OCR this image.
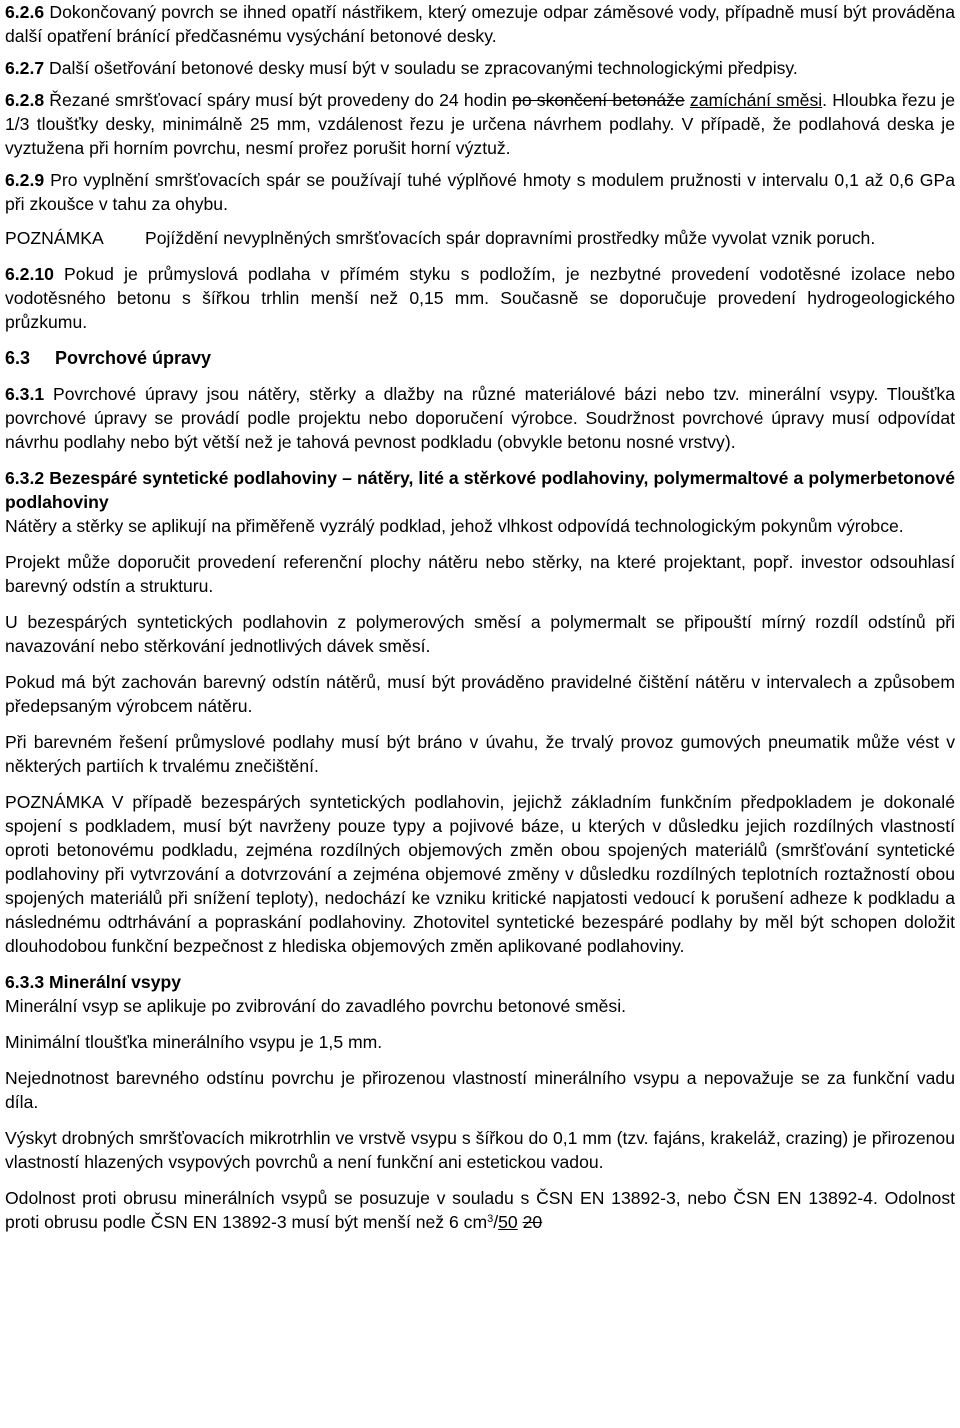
6.2.6 Dokončovaný povrch se ihned opatří nástřikem, který omezuje odpar záměsové vody, případně musí být prováděna další opatření bránící předčasnému vysýchání betonové desky.

6.2.7 Další ošetřování betonové desky musí být v souladu se zpracovanými technologickými předpisy.

6.2.8 Řezané smršťovací spáry musí být provedeny do 24 hodin po skončení betonáže zamíchání směsi. Hloubka řezu je 1/3 tloušťky desky, minimálně 25 mm, vzdálenost řezu je určena návrhem podlahy. V případě, že podlahová deska je vyztužena při horním povrchu, nesmí prořez porušit horní výztuž.

6.2.9 Pro vyplnění smršťovacích spár se používají tuhé výplňové hmoty s modulem pružnosti v intervalu 0,1 až 0,6 GPa při zkoušce v tahu za ohybu.

POZNÁMKA Pojíždění nevyplněných smršťovacích spár dopravními prostředky může vyvolat vznik poruch.

6.2.10 Pokud je průmyslová podlaha v přímém styku s podložím, je nezbytné provedení vodotěsné izolace nebo vodotěsného betonu s šířkou trhlin menší než 0,15 mm. Současně se doporučuje provedení hydrogeologického průzkumu.

6.3 Povrchové úpravy

6.3.1 Povrchové úpravy jsou nátěry, stěrky a dlažby na různé materiálové bázi nebo tzv. minerální vsypy. Tloušťka povrchové úpravy se provádí podle projektu nebo doporučení výrobce. Soudržnost povrchové úpravy musí odpovídat návrhu podlahy nebo být větší než je tahová pevnost podkladu (obvykle betonu nosné vrstvy).

6.3.2 Bezespáré syntetické podlahoviny – nátěry, lité a stěrkové podlahoviny, polymermaltové a polymerbetonové podlahoviny

Nátěry a stěrky se aplikují na přiměřeně vyzrálý podklad, jehož vlhkost odpovídá technologickým pokynům výrobce.

Projekt může doporučit provedení referenční plochy nátěru nebo stěrky, na které projektant, popř. investor odsouhlasí barevný odstín a strukturu.

U bezespárých syntetických podlahovin z polymerových směsí a polymermalt se připouští mírný rozdíl odstínů při navazování nebo stěrkování jednotlivých dávek směsí.

Pokud má být zachován barevný odstín nátěrů, musí být prováděno pravidelné čištění nátěru v intervalech a způsobem předepsaným výrobcem nátěru.

Při barevném řešení průmyslové podlahy musí být bráno v úvahu, že trvalý provoz gumových pneumatik může vést v některých partiích k trvalému znečištění.

POZNÁMKA V případě bezespárých syntetických podlahovin, jejichž základním funkčním předpokladem je dokonalé spojení s podkladem, musí být navrženy pouze typy a pojivové báze, u kterých v důsledku jejich rozdílných vlastností oproti betonovému podkladu, zejména rozdílných objemových změn obou spojených materiálů (smršťování syntetické podlahoviny při vytvrzování a dotvrzování a zejména objemové změny v důsledku rozdílných teplotních roztažností obou spojených materiálů při snížení teploty), nedochází ke vzniku kritické napjatosti vedoucí k porušení adheze k podkladu a následnému odtrhávání a popraskání podlahoviny. Zhotovitel syntetické bezespáré podlahy by měl být schopen doložit dlouhodobou funkční bezpečnost z hlediska objemových změn aplikované podlahoviny.

6.3.3 Minerální vsypy

Minerální vsyp se aplikuje po zvibrování do zavadlého povrchu betonové směsi.

Minimální tloušťka minerálního vsypu je 1,5 mm.

Nejednotnost barevného odstínu povrchu je přirozenou vlastností minerálního vsypu a nepovažuje se za funkční vadu díla.

Výskyt drobných smršťovacích mikrotrhlin ve vrstvě vsypu s šířkou do 0,1 mm (tzv. fajáns, krakeláž, crazing) je přirozenou vlastností hlazených vsypových povrchů a není funkční ani estetickou vadou.

Odolnost proti obrusu minerálních vsypů se posuzuje v souladu s ČSN EN 13892-3, nebo ČSN EN 13892-4. Odolnost proti obrusu podle ČSN EN 13892-3 musí být menší než 6 $cm^3/50$ 20
